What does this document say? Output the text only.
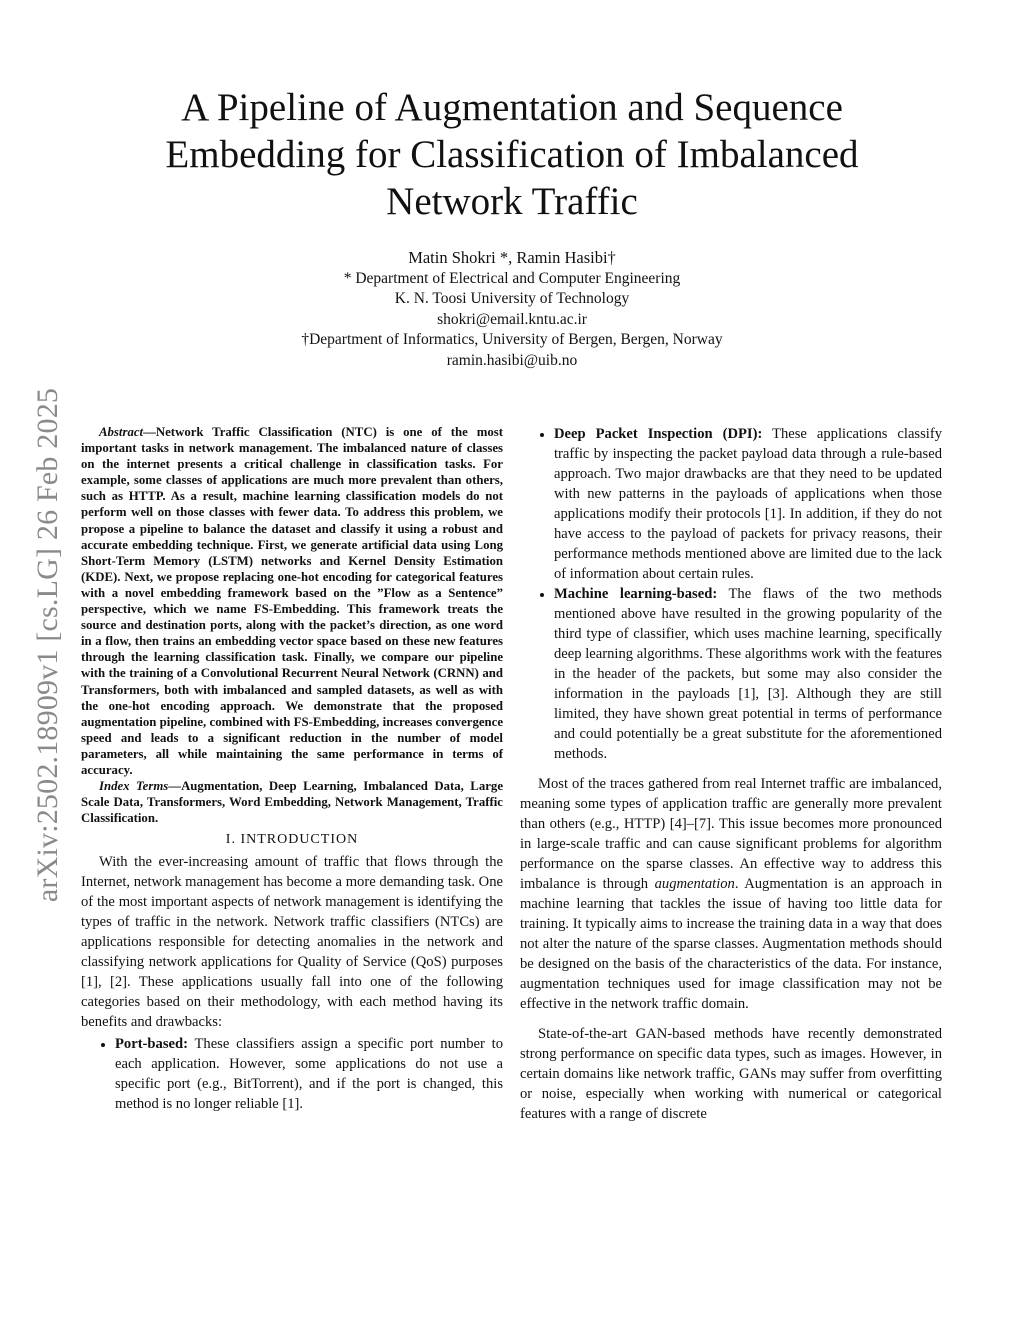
arXiv:2502.18909v1 [cs.LG] 26 Feb 2025
A Pipeline of Augmentation and Sequence Embedding for Classification of Imbalanced Network Traffic
Matin Shokri *, Ramin Hasibi†
* Department of Electrical and Computer Engineering
K. N. Toosi University of Technology
shokri@email.kntu.ac.ir
†Department of Informatics, University of Bergen, Bergen, Norway
ramin.hasibi@uib.no

Abstract—Network Traffic Classification (NTC) is one of the most important tasks in network management. The imbalanced nature of classes on the internet presents a critical challenge in classification tasks. For example, some classes of applications are much more prevalent than others, such as HTTP. As a result, machine learning classification models do not perform well on those classes with fewer data. To address this problem, we propose a pipeline to balance the dataset and classify it using a robust and accurate embedding technique. First, we generate artificial data using Long Short-Term Memory (LSTM) networks and Kernel Density Estimation (KDE). Next, we propose replacing one-hot encoding for categorical features with a novel embedding framework based on the ”Flow as a Sentence” perspective, which we name FS-Embedding. This framework treats the source and destination ports, along with the packet’s direction, as one word in a flow, then trains an embedding vector space based on these new features through the learning classification task. Finally, we compare our pipeline with the training of a Convolutional Recurrent Neural Network (CRNN) and Transformers, both with imbalanced and sampled datasets, as well as with the one-hot encoding approach. We demonstrate that the proposed augmentation pipeline, combined with FS-Embedding, increases convergence speed and leads to a significant reduction in the number of model parameters, all while maintaining the same performance in terms of accuracy.

Index Terms—Augmentation, Deep Learning, Imbalanced Data, Large Scale Data, Transformers, Word Embedding, Network Management, Traffic Classification.

I. INTRODUCTION

With the ever-increasing amount of traffic that flows through the Internet, network management has become a more demanding task. One of the most important aspects of network management is identifying the types of traffic in the network. Network traffic classifiers (NTCs) are applications responsible for detecting anomalies in the network and classifying network applications for Quality of Service (QoS) purposes [1], [2]. These applications usually fall into one of the following categories based on their methodology, with each method having its benefits and drawbacks:

• Port-based: These classifiers assign a specific port number to each application. However, some applications do not use a specific port (e.g., BitTorrent), and if the port is changed, this method is no longer reliable [1].
• Deep Packet Inspection (DPI): These applications classify traffic by inspecting the packet payload data through a rule-based approach. Two major drawbacks are that they need to be updated with new patterns in the payloads of applications when those applications modify their protocols [1]. In addition, if they do not have access to the payload of packets for privacy reasons, their performance methods mentioned above are limited due to the lack of information about certain rules.
• Machine learning-based: The flaws of the two methods mentioned above have resulted in the growing popularity of the third type of classifier, which uses machine learning, specifically deep learning algorithms. These algorithms work with the features in the header of the packets, but some may also consider the information in the payloads [1], [3]. Although they are still limited, they have shown great potential in terms of performance and could potentially be a great substitute for the aforementioned methods.

Most of the traces gathered from real Internet traffic are imbalanced, meaning some types of application traffic are generally more prevalent than others (e.g., HTTP) [4]–[7]. This issue becomes more pronounced in large-scale traffic and can cause significant problems for algorithm performance on the sparse classes. An effective way to address this imbalance is through augmentation. Augmentation is an approach in machine learning that tackles the issue of having too little data for training. It typically aims to increase the training data in a way that does not alter the nature of the sparse classes. Augmentation methods should be designed on the basis of the characteristics of the data. For instance, augmentation techniques used for image classification may not be effective in the network traffic domain.

State-of-the-art GAN-based methods have recently demonstrated strong performance on specific data types, such as images. However, in certain domains like network traffic, GANs may suffer from overfitting or noise, especially when working with numerical or categorical features with a range of discrete
